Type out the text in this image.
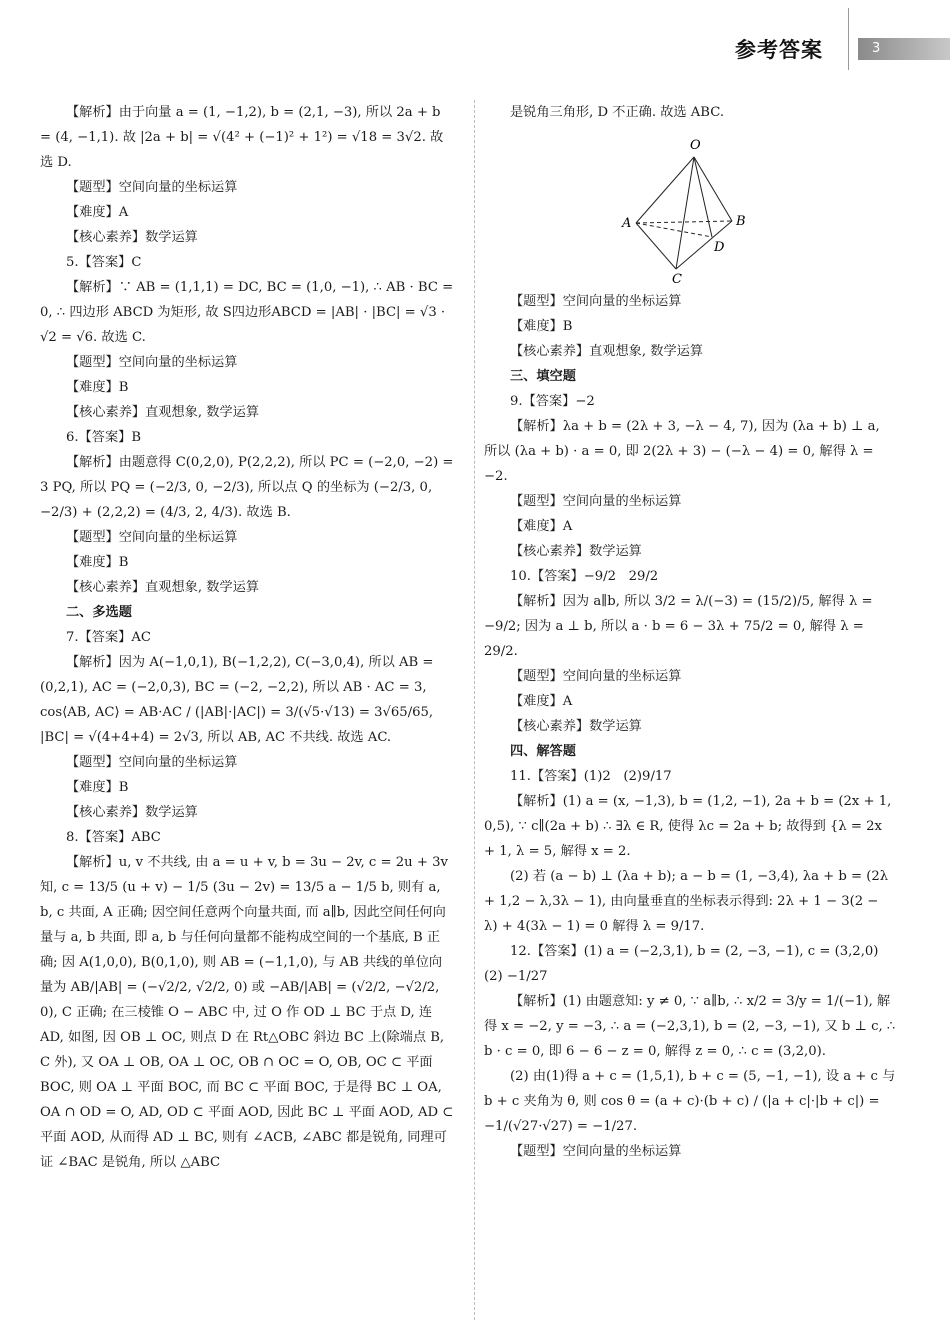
参考答案	3

【解析】由于向量 a = (1, −1,2), b = (2,1, −3), 所以 2a + b = (4, −1,1). 故 |2a + b| = √(4² + (−1)² + 1²) = √18 = 3√2. 故选 D.

【题型】空间向量的坐标运算

【难度】A

【核心素养】数学运算

5.【答案】C

【解析】∵ AB = (1,1,1) = DC, BC = (1,0, −1), ∴ AB · BC = 0, ∴ 四边形 ABCD 为矩形, 故 S四边形ABCD = |AB| · |BC| = √3 · √2 = √6. 故选 C.

【题型】空间向量的坐标运算

【难度】B

【核心素养】直观想象, 数学运算

6.【答案】B

【解析】由题意得 C(0,2,0), P(2,2,2), 所以 PC = (−2,0, −2) = 3 PQ, 所以 PQ = (−2/3, 0, −2/3), 所以点 Q 的坐标为 (−2/3, 0, −2/3) + (2,2,2) = (4/3, 2, 4/3). 故选 B.

【题型】空间向量的坐标运算

【难度】B

【核心素养】直观想象, 数学运算

二、多选题

7.【答案】AC

【解析】因为 A(−1,0,1), B(−1,2,2), C(−3,0,4), 所以 AB = (0,2,1), AC = (−2,0,3), BC = (−2, −2,2), 所以 AB · AC = 3, cos⟨AB, AC⟩ = AB·AC / (|AB|·|AC|) = 3/(√5·√13) = 3√65/65, |BC| = √(4+4+4) = 2√3, 所以 AB, AC 不共线. 故选 AC.

【题型】空间向量的坐标运算

【难度】B

【核心素养】数学运算

8.【答案】ABC

【解析】u, v 不共线, 由 a = u + v, b = 3u − 2v, c = 2u + 3v 知, c = 13/5 (u + v) − 1/5 (3u − 2v) = 13/5 a − 1/5 b, 则有 a, b, c 共面, A 正确; 因空间任意两个向量共面, 而 a∥b, 因此空间任何向量与 a, b 共面, 即 a, b 与任何向量都不能构成空间的一个基底, B 正确; 因 A(1,0,0), B(0,1,0), 则 AB = (−1,1,0), 与 AB 共线的单位向量为 AB/|AB| = (−√2/2, √2/2, 0) 或 −AB/|AB| = (√2/2, −√2/2, 0), C 正确; 在三棱锥 O − ABC 中, 过 O 作 OD ⊥ BC 于点 D, 连 AD, 如图, 因 OB ⊥ OC, 则点 D 在 Rt△OBC 斜边 BC 上(除端点 B, C 外), 又 OA ⊥ OB, OA ⊥ OC, OB ∩ OC = O, OB, OC ⊂ 平面 BOC, 则 OA ⊥ 平面 BOC, 而 BC ⊂ 平面 BOC, 于是得 BC ⊥ OA, OA ∩ OD = O, AD, OD ⊂ 平面 AOD, 因此 BC ⊥ 平面 AOD, AD ⊂ 平面 AOD, 从而得 AD ⊥ BC, 则有 ∠ACB, ∠ABC 都是锐角, 同理可证 ∠BAC 是锐角, 所以 △ABC

是锐角三角形, D 不正确. 故选 ABC.

O
A	B
D
C

【题型】空间向量的坐标运算

【难度】B

【核心素养】直观想象, 数学运算

三、填空题

9.【答案】−2

【解析】λa + b = (2λ + 3, −λ − 4, 7), 因为 (λa + b) ⊥ a, 所以 (λa + b) · a = 0, 即 2(2λ + 3) − (−λ − 4) = 0, 解得 λ = −2.

【题型】空间向量的坐标运算

【难度】A

【核心素养】数学运算

10.【答案】−9/2   29/2

【解析】因为 a∥b, 所以 3/2 = λ/(−3) = (15/2)/5, 解得 λ = −9/2; 因为 a ⊥ b, 所以 a · b = 6 − 3λ + 75/2 = 0, 解得 λ = 29/2.

【题型】空间向量的坐标运算

【难度】A

【核心素养】数学运算

四、解答题

11.【答案】(1)2   (2)9/17

【解析】(1) a = (x, −1,3), b = (1,2, −1), 2a + b = (2x + 1, 0,5), ∵ c∥(2a + b) ∴ ∃λ ∈ R, 使得 λc = 2a + b; 故得到 {λ = 2x + 1, λ = 5, 解得 x = 2.

(2) 若 (a − b) ⊥ (λa + b); a − b = (1, −3,4), λa + b = (2λ + 1,2 − λ,3λ − 1), 由向量垂直的坐标表示得到: 2λ + 1 − 3(2 − λ) + 4(3λ − 1) = 0 解得 λ = 9/17.

12.【答案】(1) a = (−2,3,1), b = (2, −3, −1), c = (3,2,0)   (2) −1/27

【解析】(1) 由题意知: y ≠ 0, ∵ a∥b, ∴ x/2 = 3/y = 1/(−1), 解得 x = −2, y = −3, ∴ a = (−2,3,1), b = (2, −3, −1), 又 b ⊥ c, ∴ b · c = 0, 即 6 − 6 − z = 0, 解得 z = 0, ∴ c = (3,2,0).

(2) 由(1)得 a + c = (1,5,1), b + c = (5, −1, −1), 设 a + c 与 b + c 夹角为 θ, 则 cos θ = (a + c)·(b + c) / (|a + c|·|b + c|) = −1/(√27·√27) = −1/27.

【题型】空间向量的坐标运算
